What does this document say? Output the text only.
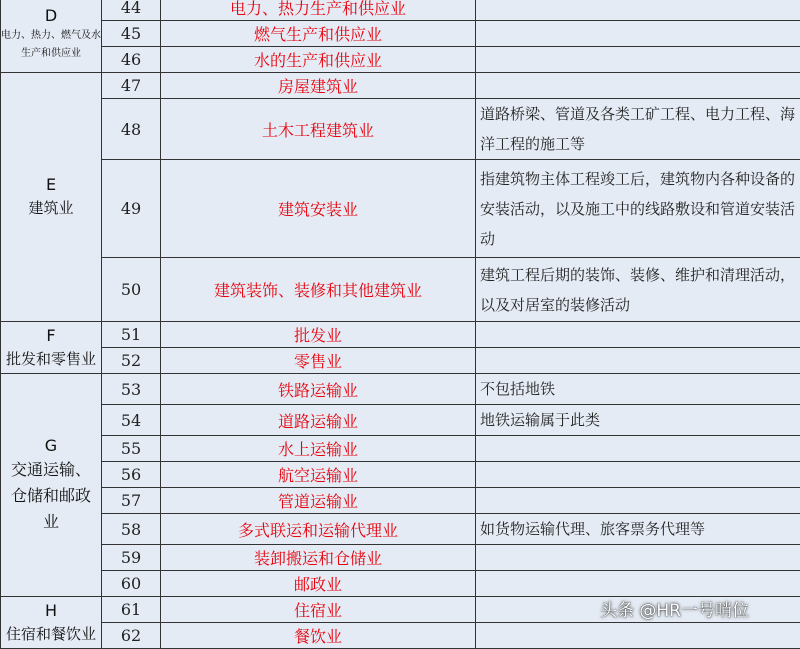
D
电力、热力、燃气及水生产和供应业	44	电力、热力生产和供应业	
	45	燃气生产和供应业	
	46	水的生产和供应业	

E
建筑业	47	房屋建筑业	
	48	土木工程建筑业	道路桥梁、管道及各类工矿工程、电力工程、海洋工程的施工等
	49	建筑安装业	指建筑物主体工程竣工后，建筑物内各种设备的安装活动，以及施工中的线路敷设和管道安装活动
	50	建筑装饰、装修和其他建筑业	建筑工程后期的装饰、装修、维护和清理活动，以及对居室的装修活动

F
批发和零售业	51	批发业	
	52	零售业	

G
交通运输、仓储和邮政业	53	铁路运输业	不包括地铁
	54	道路运输业	地铁运输属于此类
	55	水上运输业	
	56	航空运输业	
	57	管道运输业	
	58	多式联运和运输代理业	如货物运输代理、旅客票务代理等
	59	装卸搬运和仓储业	
	60	邮政业	

H
住宿和餐饮业	61	住宿业	
	62	餐饮业	
头条 @HR一号哨位
